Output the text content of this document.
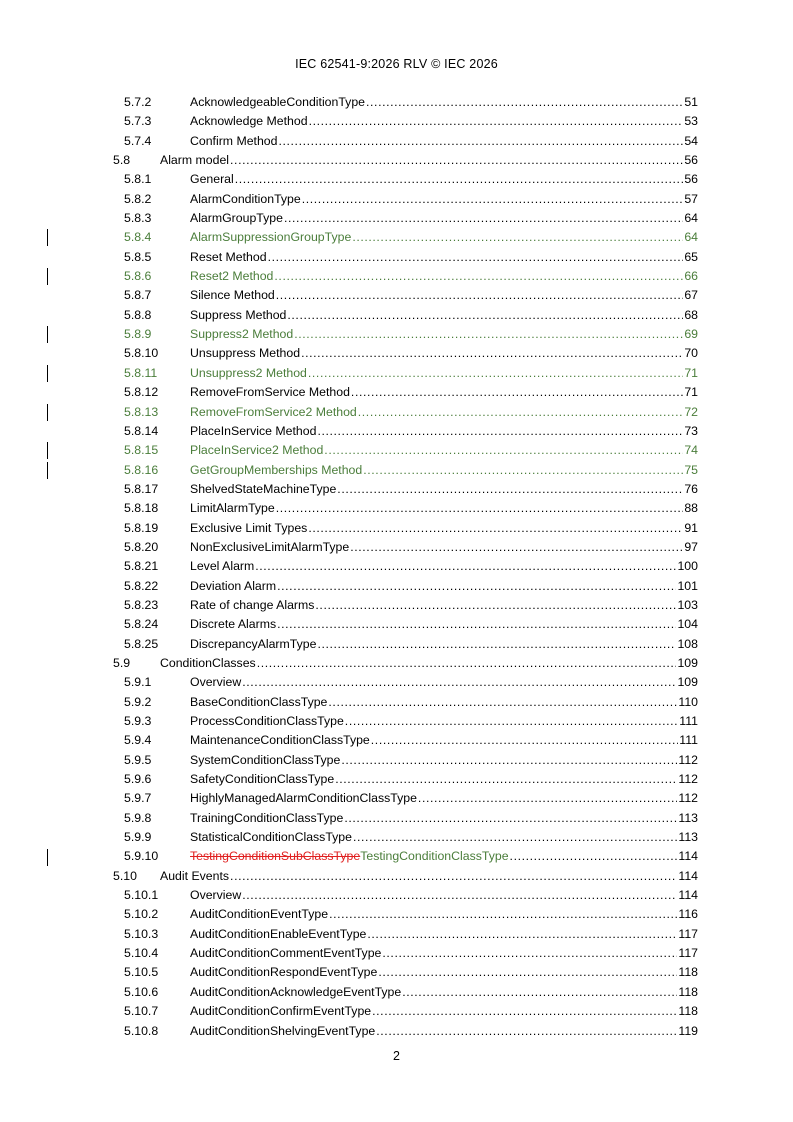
IEC 62541-9:2026 RLV © IEC 2026
5.7.2	AcknowledgeableConditionType .....	51
5.7.3	Acknowledge Method .....	53
5.7.4	Confirm Method .....	54
5.8 Alarm model .....	56
5.8.1	General .....	56
5.8.2	AlarmConditionType .....	57
5.8.3	AlarmGroupType .....	64
5.8.4	AlarmSuppressionGroupType .....	64
5.8.5	Reset Method .....	65
5.8.6	Reset2 Method .....	66
5.8.7	Silence Method .....	67
5.8.8	Suppress Method .....	68
5.8.9	Suppress2 Method .....	69
5.8.10	Unsuppress Method .....	70
5.8.11	Unsuppress2 Method .....	71
5.8.12	RemoveFromService Method .....	71
5.8.13	RemoveFromService2 Method .....	72
5.8.14	PlaceInService Method .....	73
5.8.15	PlaceInService2 Method .....	74
5.8.16	GetGroupMemberships Method .....	75
5.8.17	ShelvedStateMachineType .....	76
5.8.18	LimitAlarmType .....	88
5.8.19	Exclusive Limit Types .....	91
5.8.20	NonExclusiveLimitAlarmType .....	97
5.8.21	Level Alarm .....	100
5.8.22	Deviation Alarm .....	101
5.8.23	Rate of change Alarms .....	103
5.8.24	Discrete Alarms .....	104
5.8.25	DiscrepancyAlarmType .....	108
5.9 ConditionClasses .....	109
5.9.1	Overview .....	109
5.9.2	BaseConditionClassType .....	110
5.9.3	ProcessConditionClassType .....	111
5.9.4	MaintenanceConditionClassType .....	111
5.9.5	SystemConditionClassType .....	112
5.9.6	SafetyConditionClassType .....	112
5.9.7	HighlyManagedAlarmConditionClassType .....	112
5.9.8	TrainingConditionClassType .....	113
5.9.9	StatisticalConditionClassType .....	113
5.9.10	TestingConditionSubClassTypeTestingConditionClassType .....	114
5.10 Audit Events .....	114
5.10.1	Overview .....	114
5.10.2	AuditConditionEventType .....	116
5.10.3	AuditConditionEnableEventType .....	117
5.10.4	AuditConditionCommentEventType .....	117
5.10.5	AuditConditionRespondEventType .....	118
5.10.6	AuditConditionAcknowledgeEventType .....	118
5.10.7	AuditConditionConfirmEventType .....	118
5.10.8	AuditConditionShelvingEventType .....	119
2
